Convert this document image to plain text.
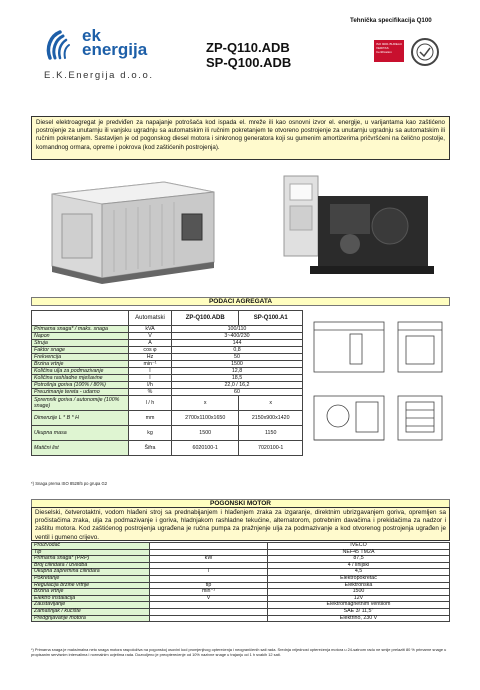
Tehnička specifikacija Q100
ek
energija
E.K.Energija d.o.o.
ZP-Q110.ADB
SP-Q100.ADB
ISO 9001 BUREAU VERITAS Certification
Diesel elektroagregat je predviđen za napajanje potrošača kod ispada el. mreže ili kao osnovni izvor el. energije, u varijantama kao zaštićeno postrojenje za unutarnju ili vanjsku ugradnju sa automatskim ili ručnim pokretanjem te otvoreno postrojenje za unutarnju ugradnju sa automatskim ili ručnim pokretanjem. Sastavljen je od pogonskog diesel motora i sinkronog generatora koji su gumenim amortizerima pričvršćeni na čelično postolje, komandnog ormara, opreme i pokrova (kod zaštićenih postrojenja).
PODACI AGREGATA
	Automatski	ZP-Q100.ADB	SP-Q100.A1
Primarna snaga* / maks. snaga	kVA	100/110	
Napon	V	3~400/230	
Struja	A	144	
Faktor snage	cos φ	0,8	
Frekvencija	Hz	50	
Brzina vrtnje	min⁻¹	1500	
Količina ulja za podmazivanje	l	12,8	
Količina rashladne mješavine	l	18,5	
Potrošnja goriva (100% / 80%)	l/h	22,0 / 16,2	
Preuzimanje tereta - udarno	%	60	
Spremnik goriva / autonomije (100% snage)	l / h	x	x
Dimenzije L * B * H	mm	2700x1100x1650	2150x900x1420
Ukupna masa	kg	1500	1150
Matični list	Šifra	6020100-1	7020100-1
*) Snaga prema ISO 8528/5 po grupa G2
POGONSKI MOTOR
Dieselski, četverotaktni, vodom hlađeni stroj sa prednabijanjem i hlađenjem zraka za izgaranje, direktnim ubrizgavanjem goriva, opremljen sa pročistačima zraka, ulja za podmazivanje i goriva, hladnjakom rashladne tekućine, alternatorom, potrebnim davačima i prekidačima za nadzor i zaštitu motora. Kod zaštićenog postrojenja ugrađena je ručna pumpa za pražnjenje ulja za podmazivanje a kod otvorenog postrojenja ugrađen je ventil i gumeno crijevo.
Proizvođač		IVECO
Tip		NEF45 TM2A
Primarna snaga* (PRP)	kW	87,5
Broj cilindara / izvedba		4 / linijski
Ukupna zapremina cilindara	l	4,5
Pokretanje		Elektropokretač
Regulacija brzine vrtnje	tip	Elektronska
Brzina vrtnje	min⁻¹	1500
Elektro instalacija	V	12V
Zaustavljanje		Elektromagnetnim ventilom
Zamašnjak / kućište		SAE 3/ 11,5"
Predgrijavanje motora		Elektrino, 230 V
*) Primarna snaga je maksimalna neto snaga motora raspoloživa na pogonskoj osovini kod promjenjivog opterećenja i neograničenih sati rada. Srednja vrijednost opterećenja motora u 24-satnom radu ne smije prelaziti 80 % primarne snage u propisanim servisnim intervalima i normalnim uvjetima rada. Dozvoljeno je preopterećenje od 10% nazivne snage u trajanju od 1 h svakih 12 sati.
